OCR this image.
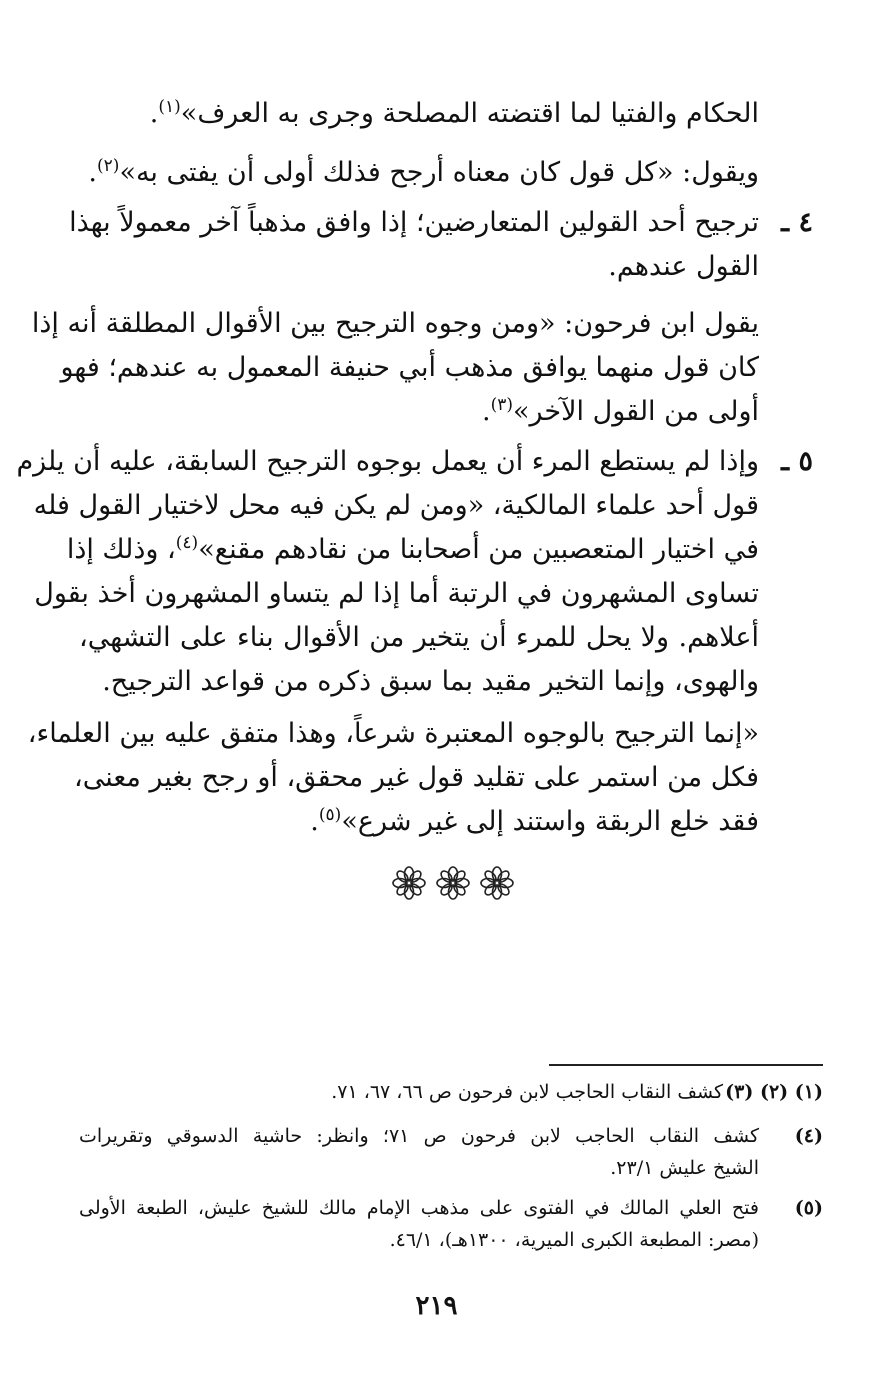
الحكام والفتيا لما اقتضته المصلحة وجرى به العرف»$^{(١)}$.
ويقول: «كل قول كان معناه أرجح فذلك أولى أن يفتى به»$^{(٢)}$.
٤ ـ
ترجيح أحد القولين المتعارضين؛ إذا وافق مذهباً آخر معمولاً بهذا
القول عندهم.
يقول ابن فرحون: «ومن وجوه الترجيح بين الأقوال المطلقة أنه إذا
كان قول منهما يوافق مذهب أبي حنيفة المعمول به عندهم؛ فهو
أولى من القول الآخر»$^{(٣)}$.
٥ ـ
وإذا لم يستطع المرء أن يعمل بوجوه الترجيح السابقة، عليه أن يلزم
قول أحد علماء المالكية، «ومن لم يكن فيه محل لاختيار القول فله
في اختيار المتعصبين من أصحابنا من نقادهم مقنع»$^{(٤)}$، وذلك إذا
تساوى المشهرون في الرتبة أما إذا لم يتساو المشهرون أخذ بقول
أعلاهم. ولا يحل للمرء أن يتخير من الأقوال بناء على التشهي،
والهوى، وإنما التخير مقيد بما سبق ذكره من قواعد الترجيح.
«إنما الترجيح بالوجوه المعتبرة شرعاً، وهذا متفق عليه بين العلماء،
فكل من استمر على تقليد قول غير محقق، أو رجح بغير معنى،
فقد خلع الربقة واستند إلى غير شرع»$^{(٥)}$.
(١) (٢) (٣)
كشف النقاب الحاجب لابن فرحون ص ٦٦، ٦٧، ٧١.
(٤)
كشف النقاب الحاجب لابن فرحون ص ٧١؛ وانظر: حاشية الدسوقي وتقريرات
الشيخ عليش ٢٣/١.
(٥)
فتح العلي المالك في الفتوى على مذهب الإمام مالك للشيخ عليش، الطبعة الأولى
(مصر: المطبعة الكبرى الميرية، ١٣٠٠هـ)، ٤٦/١.
٢١٩
